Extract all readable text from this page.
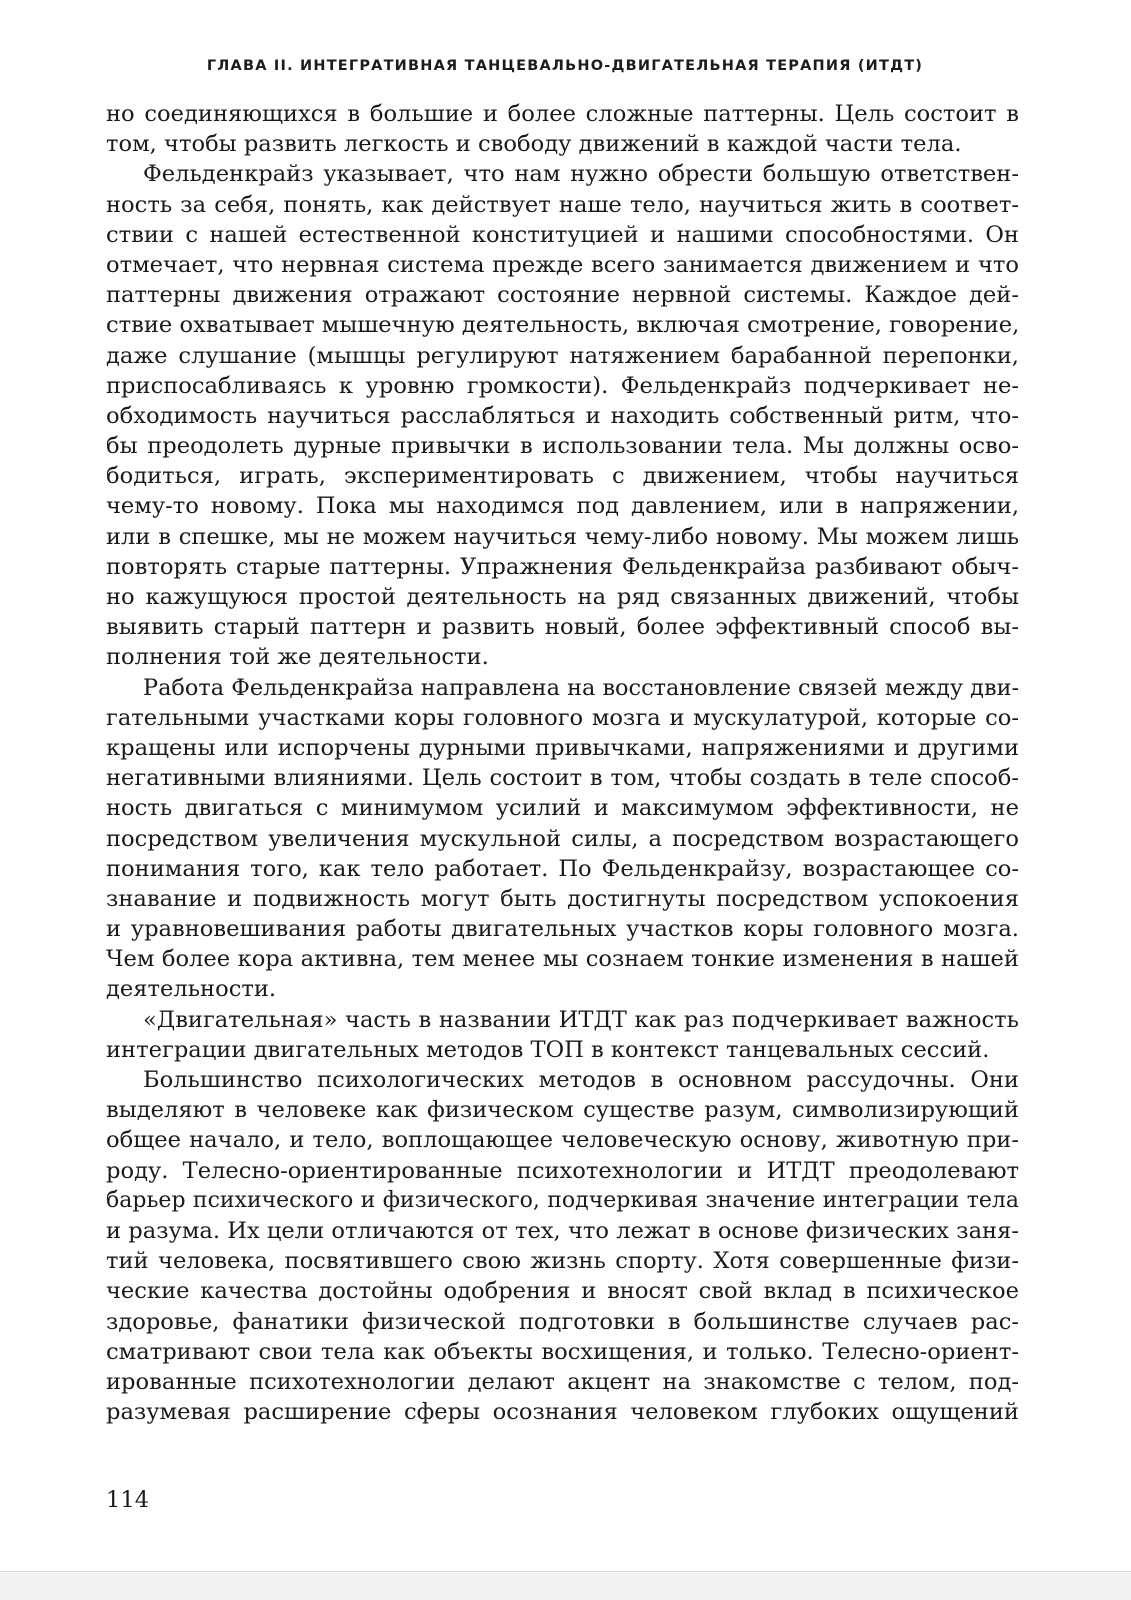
ГЛАВА II. ИНТЕГРАТИВНАЯ ТАНЦЕВАЛЬНО-ДВИГАТЕЛЬНАЯ ТЕРАПИЯ (ИТДТ)
но соединяющихся в большие и более сложные паттерны. Цель состоит в
том, чтобы развить легкость и свободу движений в каждой части тела.
Фельденкрайз указывает, что нам нужно обрести большую ответствен-
ность за себя, понять, как действует наше тело, научиться жить в соответ-
ствии с нашей естественной конституцией и нашими способностями. Он
отмечает, что нервная система прежде всего занимается движением и что
паттерны движения отражают состояние нервной системы. Каждое дей-
ствие охватывает мышечную деятельность, включая смотрение, говорение,
даже слушание (мышцы регулируют натяжением барабанной перепонки,
приспосабливаясь к уровню громкости). Фельденкрайз подчеркивает не-
обходимость научиться расслабляться и находить собственный ритм, что-
бы преодолеть дурные привычки в использовании тела. Мы должны осво-
бодиться, играть, экспериментировать с движением, чтобы научиться
чему-то новому. Пока мы находимся под давлением, или в напряжении,
или в спешке, мы не можем научиться чему-либо новому. Мы можем лишь
повторять старые паттерны. Упражнения Фельденкрайза разбивают обыч-
но кажущуюся простой деятельность на ряд связанных движений, чтобы
выявить старый паттерн и развить новый, более эффективный способ вы-
полнения той же деятельности.
Работа Фельденкрайза направлена на восстановление связей между дви-
гательными участками коры головного мозга и мускулатурой, которые со-
кращены или испорчены дурными привычками, напряжениями и другими
негативными влияниями. Цель состоит в том, чтобы создать в теле способ-
ность двигаться с минимумом усилий и максимумом эффективности, не
посредством увеличения мускульной силы, а посредством возрастающего
понимания того, как тело работает. По Фельденкрайзу, возрастающее со-
знавание и подвижность могут быть достигнуты посредством успокоения
и уравновешивания работы двигательных участков коры головного мозга.
Чем более кора активна, тем менее мы сознаем тонкие изменения в нашей
деятельности.
«Двигательная» часть в названии ИТДТ как раз подчеркивает важность
интеграции двигательных методов ТОП в контекст танцевальных сессий.
Большинство психологических методов в основном рассудочны. Они
выделяют в человеке как физическом существе разум, символизирующий
общее начало, и тело, воплощающее человеческую основу, животную при-
роду. Телесно-ориентированные психотехнологии и ИТДТ преодолевают
барьер психического и физического, подчеркивая значение интеграции тела
и разума. Их цели отличаются от тех, что лежат в основе физических заня-
тий человека, посвятившего свою жизнь спорту. Хотя совершенные физи-
ческие качества достойны одобрения и вносят свой вклад в психическое
здоровье, фанатики физической подготовки в большинстве случаев рас-
сматривают свои тела как объекты восхищения, и только. Телесно-ориент-
ированные психотехнологии делают акцент на знакомстве с телом, под-
разумевая расширение сферы осознания человеком глубоких ощущений
114
